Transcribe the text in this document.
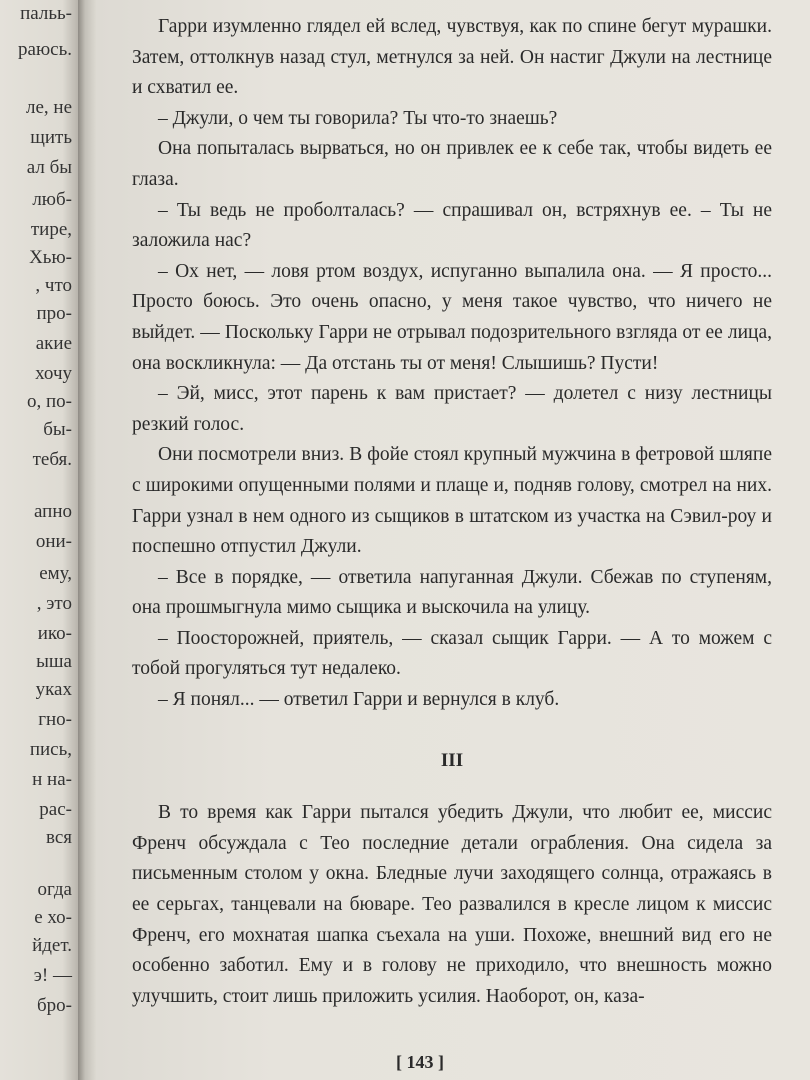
пальь-
раюсь.
ле, не
щить
ал бы
люб-
тире,
Хью-
, что
про-
акие
хочу
о, по-
бы-
тебя.
апно
они-
ему,
, это
ико-
ыша
уках
гно-
пись,
н на-
рас-
вся
огда
е хо-
йдет.
э! —
бро-

Гарри изумленно глядел ей вслед, чувствуя, как по спине бегут мурашки. Затем, оттолкнув назад стул, метнулся за ней. Он настиг Джули на лестнице и схватил ее.

– Джули, о чем ты говорила? Ты что-то знаешь?

Она попыталась вырваться, но он привлек ее к себе так, чтобы видеть ее глаза.

– Ты ведь не проболталась? — спрашивал он, встряхнув ее. – Ты не заложила нас?

– Ох нет, — ловя ртом воздух, испуганно выпалила она. — Я просто... Просто боюсь. Это очень опасно, у меня такое чувство, что ничего не выйдет. — Поскольку Гарри не отрывал подозрительного взгляда от ее лица, она воскликнула: — Да отстань ты от меня! Слышишь? Пусти!

– Эй, мисс, этот парень к вам пристает? — долетел с низу лестницы резкий голос.

Они посмотрели вниз. В фойе стоял крупный мужчина в фетровой шляпе с широкими опущенными полями и плаще и, подняв голову, смотрел на них. Гарри узнал в нем одного из сыщиков в штатском из участка на Сэвил-роу и поспешно отпустил Джули.

– Все в порядке, — ответила напуганная Джули. Сбежав по ступеням, она прошмыгнула мимо сыщика и выскочила на улицу.

– Поосторожней, приятель, — сказал сыщик Гарри. — А то можем с тобой прогуляться тут недалеко.

– Я понял... — ответил Гарри и вернулся в клуб.

III

В то время как Гарри пытался убедить Джули, что любит ее, миссис Френч обсуждала с Тео последние детали ограбления. Она сидела за письменным столом у окна. Бледные лучи заходящего солнца, отражаясь в ее серьгах, танцевали на бюваре. Тео развалился в кресле лицом к миссис Френч, его мохнатая шапка съехала на уши. Похоже, внешний вид его не особенно заботил. Ему и в голову не приходило, что внешность можно улучшить, стоит лишь приложить усилия. Наоборот, он, каза-

[ 143 ]
